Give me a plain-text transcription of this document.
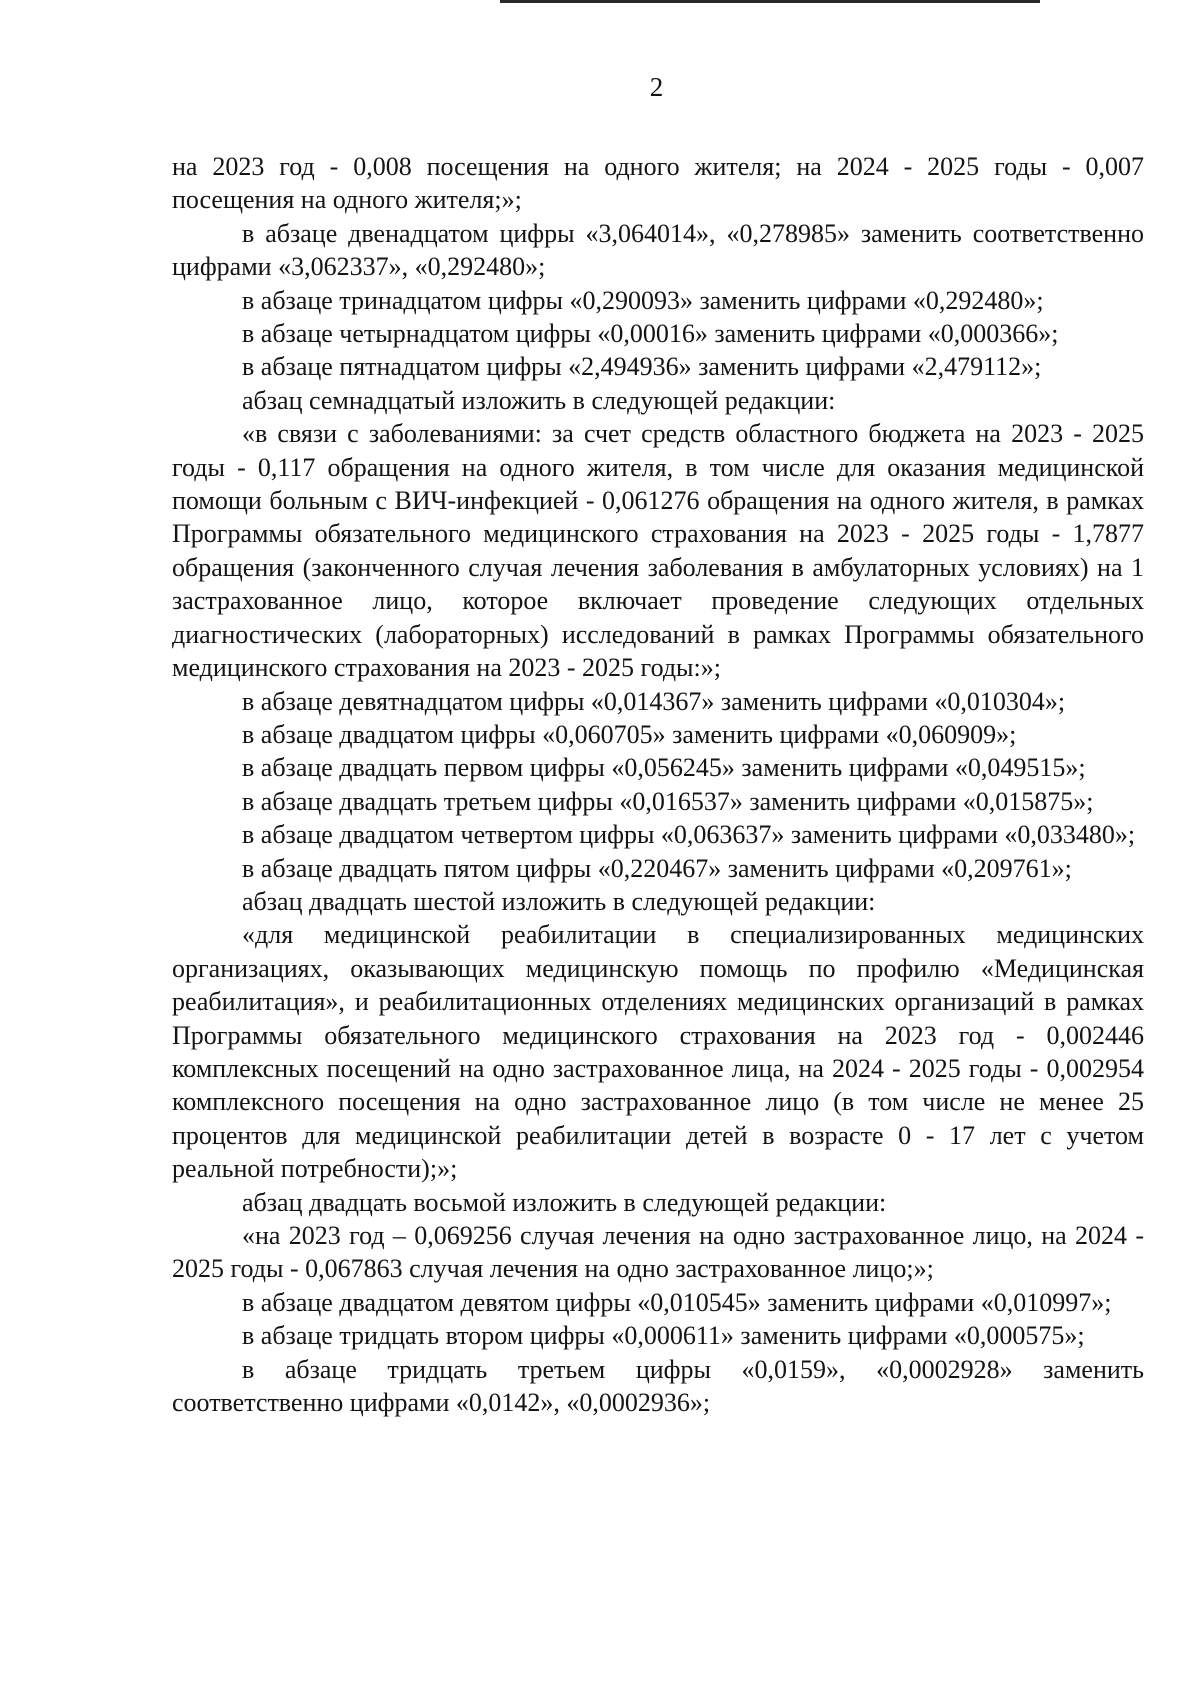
2

на 2023 год - 0,008 посещения на одного жителя; на 2024 - 2025 годы - 0,007 посещения на одного жителя;»;

в абзаце двенадцатом цифры «3,064014», «0,278985» заменить соответственно цифрами «3,062337», «0,292480»;

в абзаце тринадцатом цифры «0,290093» заменить цифрами «0,292480»;

в абзаце четырнадцатом цифры «0,00016» заменить цифрами «0,000366»;

в абзаце пятнадцатом цифры «2,494936» заменить цифрами «2,479112»;

абзац семнадцатый изложить в следующей редакции:

«в связи с заболеваниями: за счет средств областного бюджета на 2023 - 2025 годы - 0,117 обращения на одного жителя, в том числе для оказания медицинской помощи больным с ВИЧ-инфекцией - 0,061276 обращения на одного жителя, в рамках Программы обязательного медицинского страхования на 2023 - 2025 годы - 1,7877 обращения (законченного случая лечения заболевания в амбулаторных условиях) на 1 застрахованное лицо, которое включает проведение следующих отдельных диагностических (лабораторных) исследований в рамках Программы обязательного медицинского страхования на 2023 - 2025 годы:»;

в абзаце девятнадцатом цифры «0,014367» заменить цифрами «0,010304»;

в абзаце двадцатом цифры «0,060705» заменить цифрами «0,060909»;

в абзаце двадцать первом цифры «0,056245» заменить цифрами «0,049515»;

в абзаце двадцать третьем цифры «0,016537» заменить цифрами «0,015875»;

в абзаце двадцатом четвертом цифры «0,063637» заменить цифрами «0,033480»;

в абзаце двадцать пятом цифры «0,220467» заменить цифрами «0,209761»;

абзац двадцать шестой изложить в следующей редакции:

«для медицинской реабилитации в специализированных медицинских организациях, оказывающих медицинскую помощь по профилю «Медицинская реабилитация», и реабилитационных отделениях медицинских организаций в рамках Программы обязательного медицинского страхования на 2023 год - 0,002446 комплексных посещений на одно застрахованное лица, на 2024 - 2025 годы - 0,002954 комплексного посещения на одно застрахованное лицо (в том числе не менее 25 процентов для медицинской реабилитации детей в возрасте 0 - 17 лет с учетом реальной потребности);»;

абзац двадцать восьмой изложить в следующей редакции:

«на 2023 год – 0,069256 случая лечения на одно застрахованное лицо, на 2024 - 2025 годы - 0,067863 случая лечения на одно застрахованное лицо;»;

в абзаце двадцатом девятом цифры «0,010545» заменить цифрами «0,010997»;

в абзаце тридцать втором цифры «0,000611» заменить цифрами «0,000575»;

в абзаце тридцать третьем цифры «0,0159», «0,0002928» заменить соответственно цифрами «0,0142», «0,0002936»;
